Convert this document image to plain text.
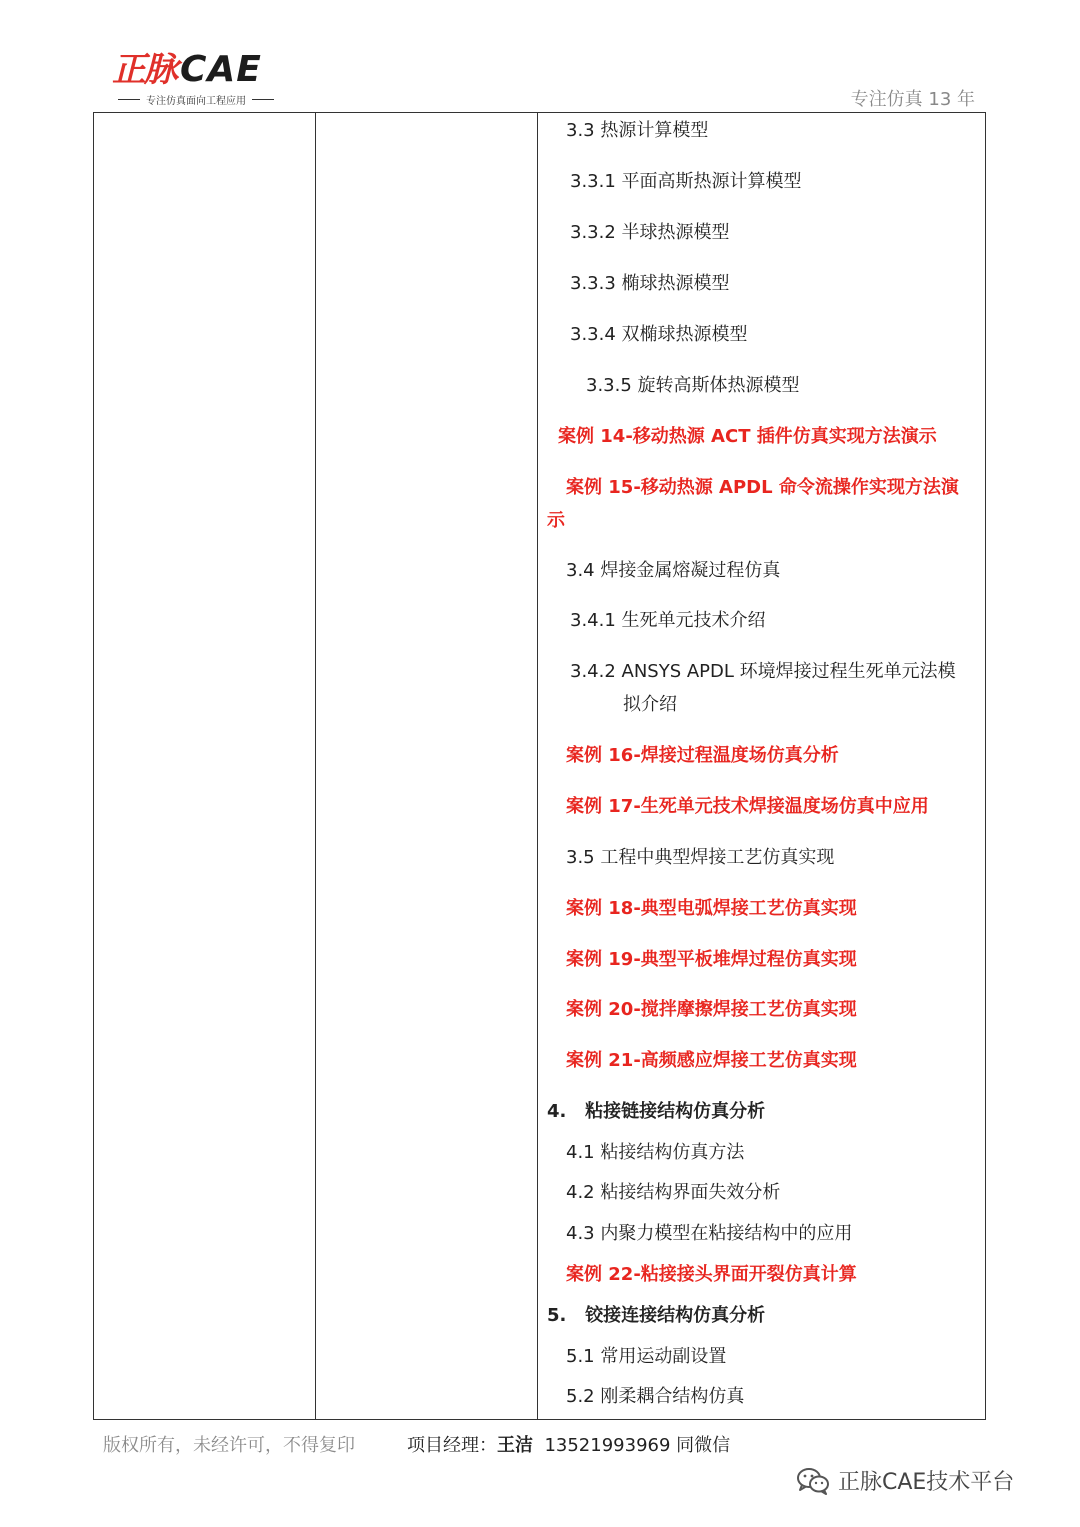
正脉 CAE
专注仿真面向工程应用	专注仿真 13 年
3.3 热源计算模型
3.3.1 平面高斯热源计算模型
3.3.2 半球热源模型
3.3.3 椭球热源模型
3.3.4 双椭球热源模型
3.3.5 旋转高斯体热源模型
案例 14-移动热源 ACT 插件仿真实现方法演示
案例 15-移动热源 APDL 命令流操作实现方法演
示
3.4 焊接金属熔凝过程仿真
3.4.1 生死单元技术介绍
3.4.2 ANSYS APDL 环境焊接过程生死单元法模
拟介绍
案例 16-焊接过程温度场仿真分析
案例 17-生死单元技术焊接温度场仿真中应用
3.5 工程中典型焊接工艺仿真实现
案例 18-典型电弧焊接工艺仿真实现
案例 19-典型平板堆焊过程仿真实现
案例 20-搅拌摩擦焊接工艺仿真实现
案例 21-高频感应焊接工艺仿真实现
4.   粘接链接结构仿真分析
4.1 粘接结构仿真方法
4.2 粘接结构界面失效分析
4.3 内聚力模型在粘接结构中的应用
案例 22-粘接接头界面开裂仿真计算
5.   铰接连接结构仿真分析
5.1 常用运动副设置
5.2 刚柔耦合结构仿真
版权所有，未经许可，不得复印	项目经理：王洁 13521993969 同微信
正脉CAE技术平台
